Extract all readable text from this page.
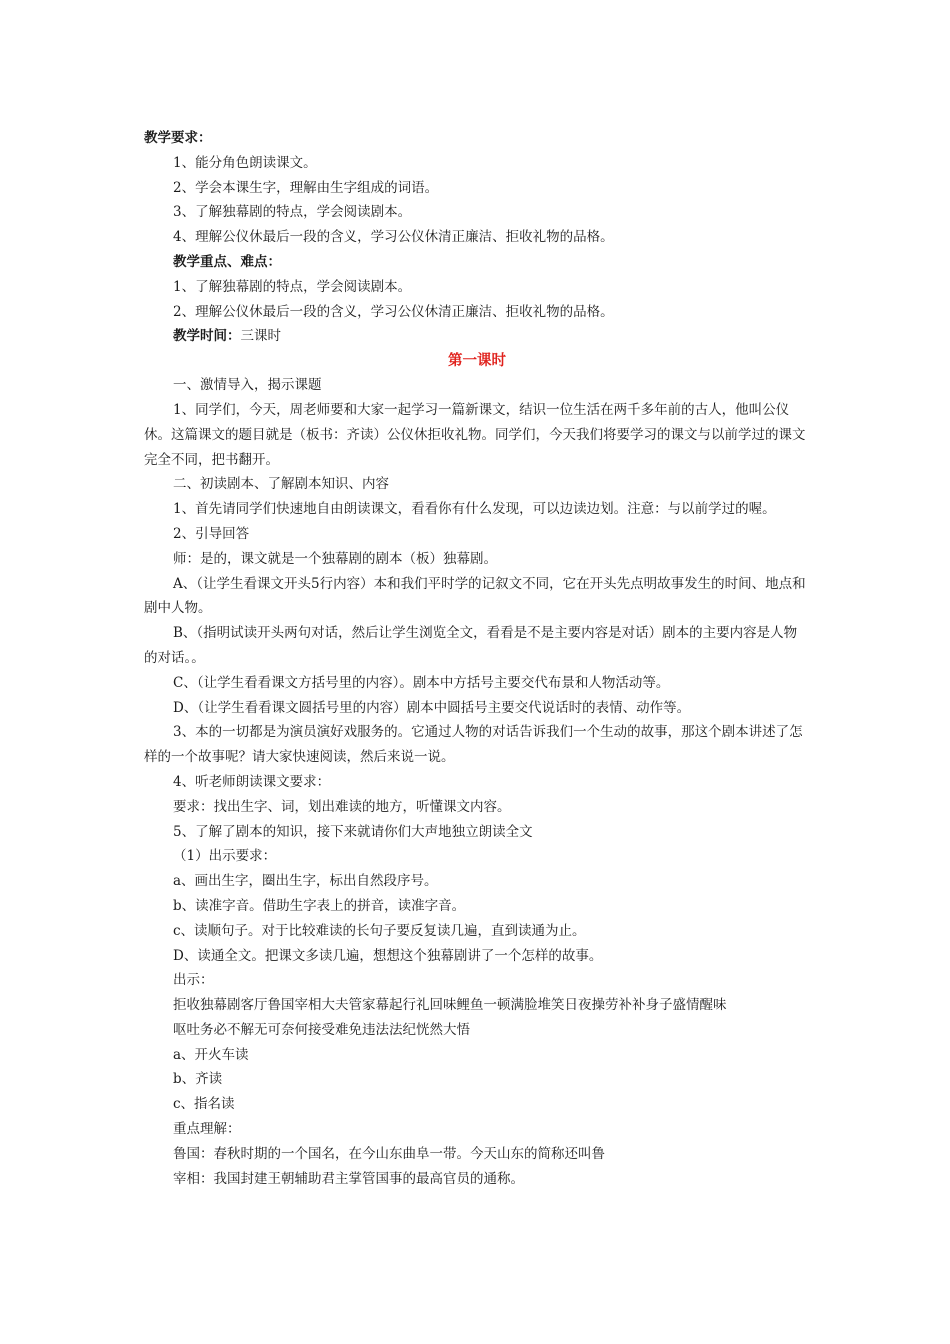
教学要求：

1、能分角色朗读课文。

2、学会本课生字，理解由生字组成的词语。

3、了解独幕剧的特点，学会阅读剧本。

4、理解公仪休最后一段的含义，学习公仪休清正廉洁、拒收礼物的品格。

教学重点、难点：

1、了解独幕剧的特点，学会阅读剧本。

2、理解公仪休最后一段的含义，学习公仪休清正廉洁、拒收礼物的品格。

教学时间：三课时

第一课时

一、激情导入，揭示课题

1、同学们，今天，周老师要和大家一起学习一篇新课文，结识一位生活在两千多年前的古人，他叫公仪休。这篇课文的题目就是（板书：齐读）公仪休拒收礼物。同学们，今天我们将要学习的课文与以前学过的课文完全不同，把书翻开。

二、初读剧本、了解剧本知识、内容

1、首先请同学们快速地自由朗读课文，看看你有什么发现，可以边读边划。注意：与以前学过的喔。

2、引导回答

师：是的，课文就是一个独幕剧的剧本（板）独幕剧。

A、（让学生看课文开头5行内容）本和我们平时学的记叙文不同，它在开头先点明故事发生的时间、地点和剧中人物。

B、（指明试读开头两句对话，然后让学生浏览全文，看看是不是主要内容是对话）剧本的主要内容是人物的对话。。

C、（让学生看看课文方括号里的内容）。剧本中方括号主要交代布景和人物活动等。

D、（让学生看看课文圆括号里的内容）剧本中圆括号主要交代说话时的表情、动作等。

3、本的一切都是为演员演好戏服务的。它通过人物的对话告诉我们一个生动的故事，那这个剧本讲述了怎样的一个故事呢？请大家快速阅读，然后来说一说。

4、听老师朗读课文要求：

要求：找出生字、词，划出难读的地方，听懂课文内容。

5、了解了剧本的知识，接下来就请你们大声地独立朗读全文

（1）出示要求：

a、画出生字，圈出生字，标出自然段序号。

b、读准字音。借助生字表上的拼音，读准字音。

c、读顺句子。对于比较难读的长句子要反复读几遍，直到读通为止。

D、读通全文。把课文多读几遍，想想这个独幕剧讲了一个怎样的故事。

出示：

拒收独幕剧客厅鲁国宰相大夫管家幕起行礼回味鲤鱼一顿满脸堆笑日夜操劳补补身子盛情醒味

呕吐务必不解无可奈何接受难免违法法纪恍然大悟

a、开火车读

b、齐读

c、指名读

重点理解：

鲁国：春秋时期的一个国名，在今山东曲阜一带。今天山东的简称还叫鲁

宰相：我国封建王朝辅助君主掌管国事的最高官员的通称。
